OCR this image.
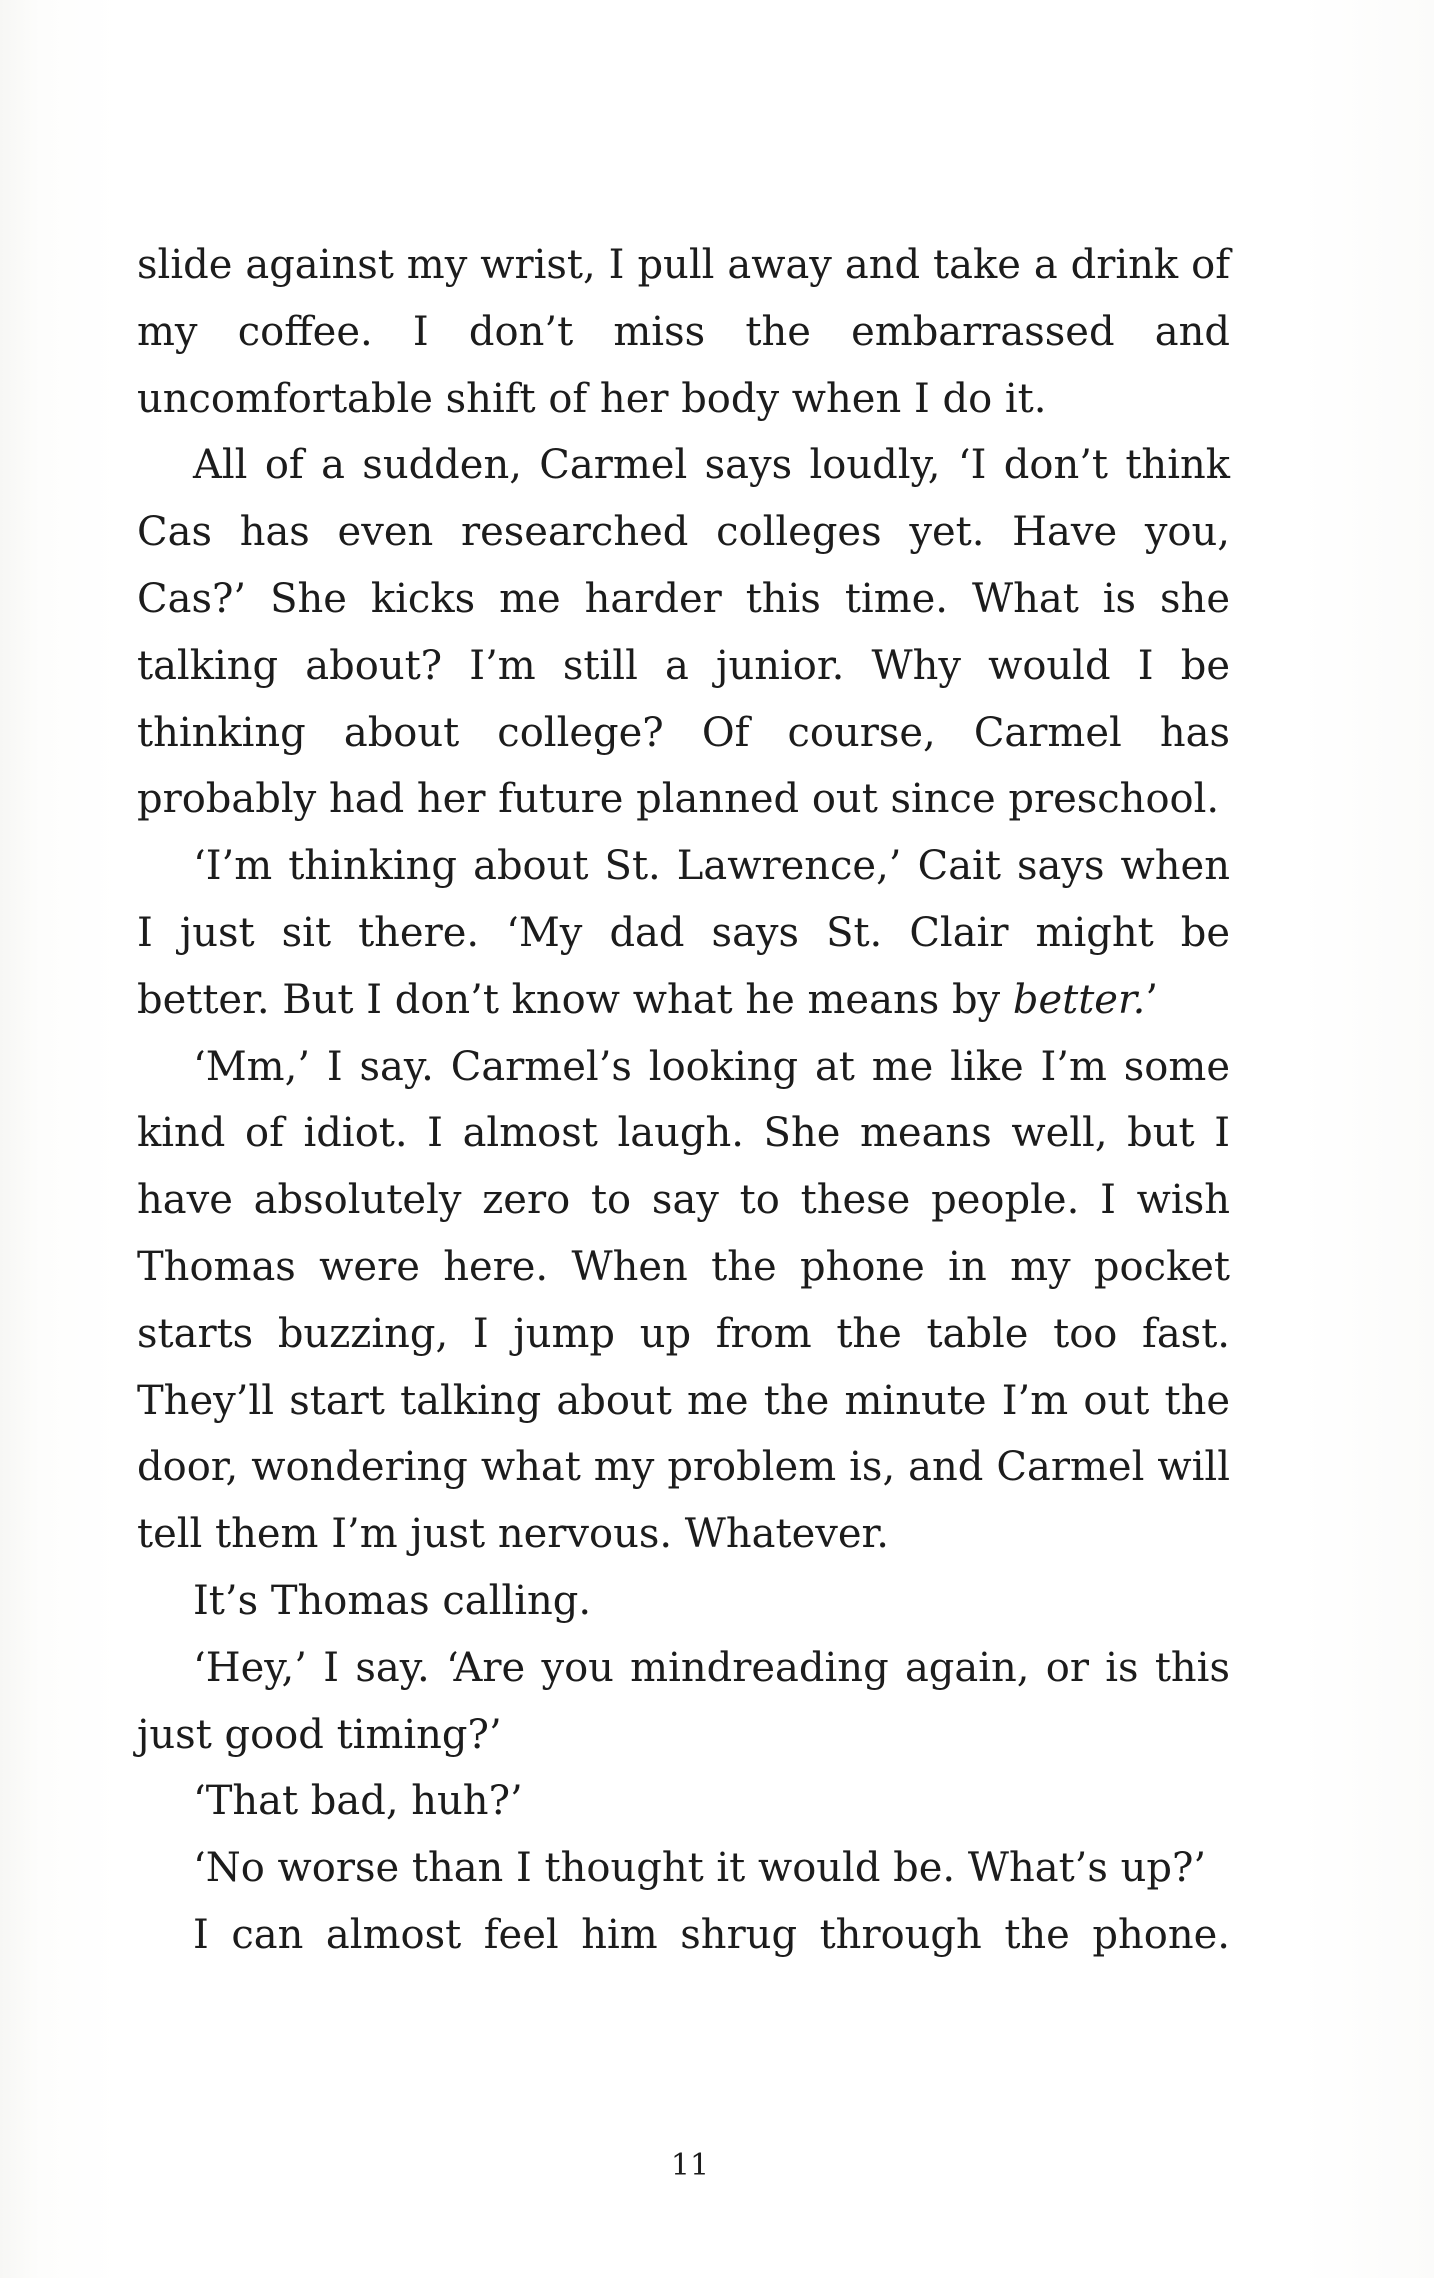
slide against my wrist, I pull away and take a drink of my coffee. I don’t miss the embarrassed and uncomfortable shift of her body when I do it.

All of a sudden, Carmel says loudly, ‘I don’t think Cas has even researched colleges yet. Have you, Cas?’ She kicks me harder this time. What is she talking about? I’m still a junior. Why would I be thinking about college? Of course, Carmel has probably had her future planned out since preschool.

‘I’m thinking about St. Lawrence,’ Cait says when I just sit there. ‘My dad says St. Clair might be better. But I don’t know what he means by better.’

‘Mm,’ I say. Carmel’s looking at me like I’m some kind of idiot. I almost laugh. She means well, but I have absolutely zero to say to these people. I wish Thomas were here. When the phone in my pocket starts buzzing, I jump up from the table too fast. They’ll start talking about me the minute I’m out the door, wondering what my problem is, and Carmel will tell them I’m just nervous. Whatever.

It’s Thomas calling.

‘Hey,’ I say. ‘Are you mindreading again, or is this just good timing?’

‘That bad, huh?’

‘No worse than I thought it would be. What’s up?’

I can almost feel him shrug through the phone.

11
